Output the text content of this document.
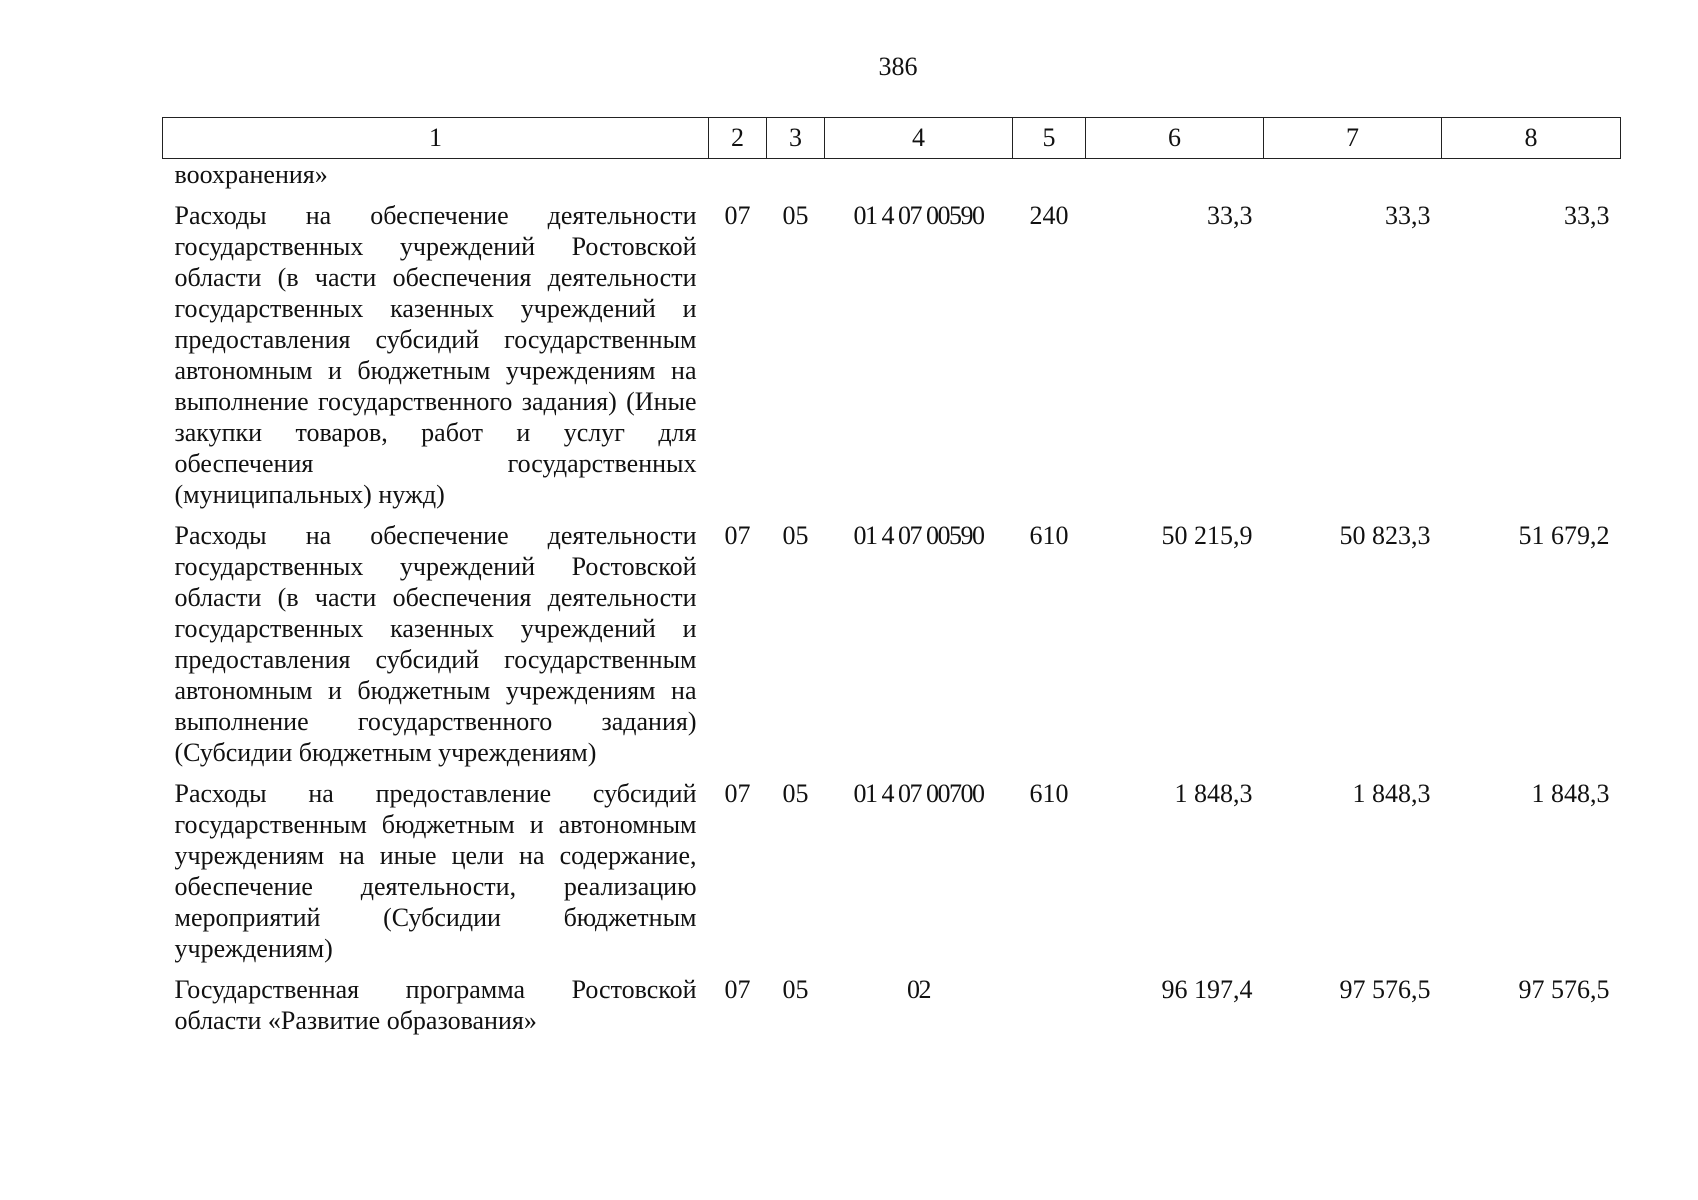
386
1	2	3	4	5	6	7	8
воохранения»							
Расходы на обеспечение деятельности государственных учреждений Ростовской области (в части обеспечения деятельности государственных казенных учреждений и предоставления субсидий государственным автономным и бюджетным учреждениям на выполнение государственного задания) (Иные закупки товаров, работ и услуг для обеспечения государственных (муниципальных) нужд)	07	05	01 4 07 00590	240	33,3	33,3	33,3
Расходы на обеспечение деятельности государственных учреждений Ростовской области (в части обеспечения деятельности государственных казенных учреждений и предоставления субсидий государственным автономным и бюджетным учреждениям на выполнение государственного задания) (Субсидии бюджетным учреждениям)	07	05	01 4 07 00590	610	50 215,9	50 823,3	51 679,2
Расходы на предоставление субсидий государственным бюджетным и автономным учреждениям на иные цели на содержание, обеспечение деятельности, реализацию мероприятий (Субсидии бюджетным учреждениям)	07	05	01 4 07 00700	610	1 848,3	1 848,3	1 848,3
Государственная программа Ростовской области «Развитие образования»	07	05	02		96 197,4	97 576,5	97 576,5
